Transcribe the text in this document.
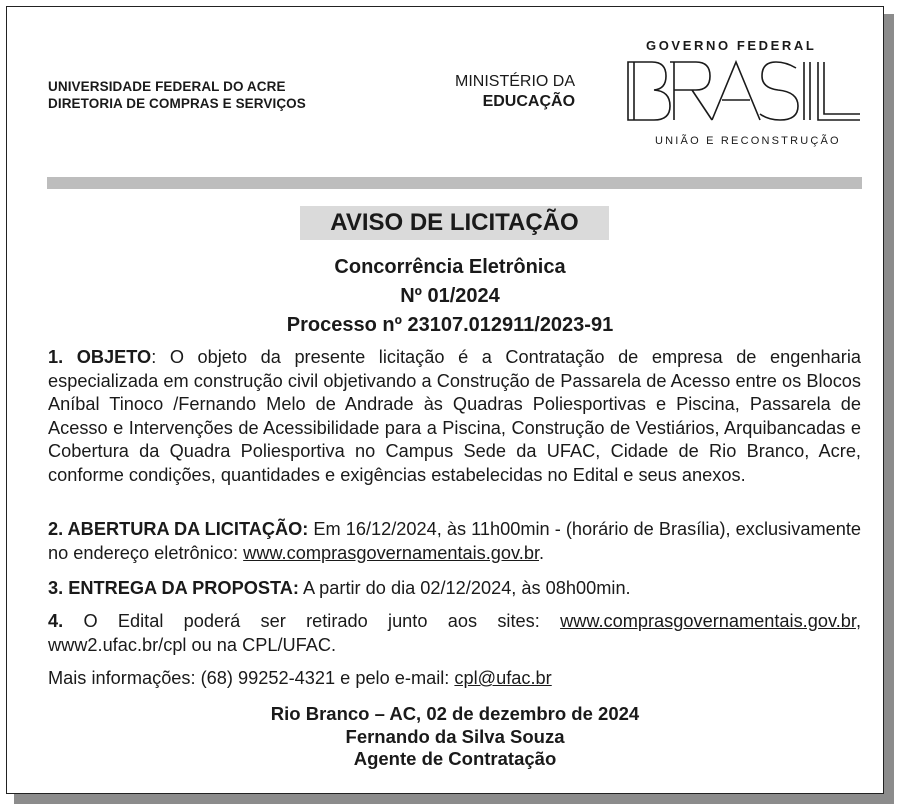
UNIVERSIDADE FEDERAL DO ACRE
DIRETORIA DE COMPRAS E SERVIÇOS
MINISTÉRIO DA
EDUCAÇÃO
GOVERNO FEDERAL
UNIÃO E RECONSTRUÇÃO
AVISO DE LICITAÇÃO
Concorrência Eletrônica
Nº 01/2024
Processo nº 23107.012911/2023-91
1. OBJETO: O objeto da presente licitação é a Contratação de empresa de engenharia especializada em construção civil objetivando a Construção de Passarela de Acesso entre os Blocos Aníbal Tinoco /Fernando Melo de Andrade às Quadras Poliesportivas e Piscina, Passarela de Acesso e Intervenções de Acessibilidade para a Piscina, Construção de Vestiários, Arquibancadas e Cobertura da Quadra Poliesportiva no Campus Sede da UFAC, Cidade de Rio Branco, Acre, conforme condições, quantidades e exigências estabelecidas no Edital e seus anexos.
2. ABERTURA DA LICITAÇÃO: Em 16/12/2024, às 11h00min - (horário de Brasília), exclusivamente no endereço eletrônico: www.comprasgovernamentais.gov.br.
3. ENTREGA DA PROPOSTA: A partir do dia 02/12/2024, às 08h00min.
4. O Edital poderá ser retirado junto aos sites: www.comprasgovernamentais.gov.br, www2.ufac.br/cpl ou na CPL/UFAC.
Mais informações: (68) 99252-4321 e pelo e-mail: cpl@ufac.br
Rio Branco – AC, 02 de dezembro de 2024
Fernando da Silva Souza
Agente de Contratação
